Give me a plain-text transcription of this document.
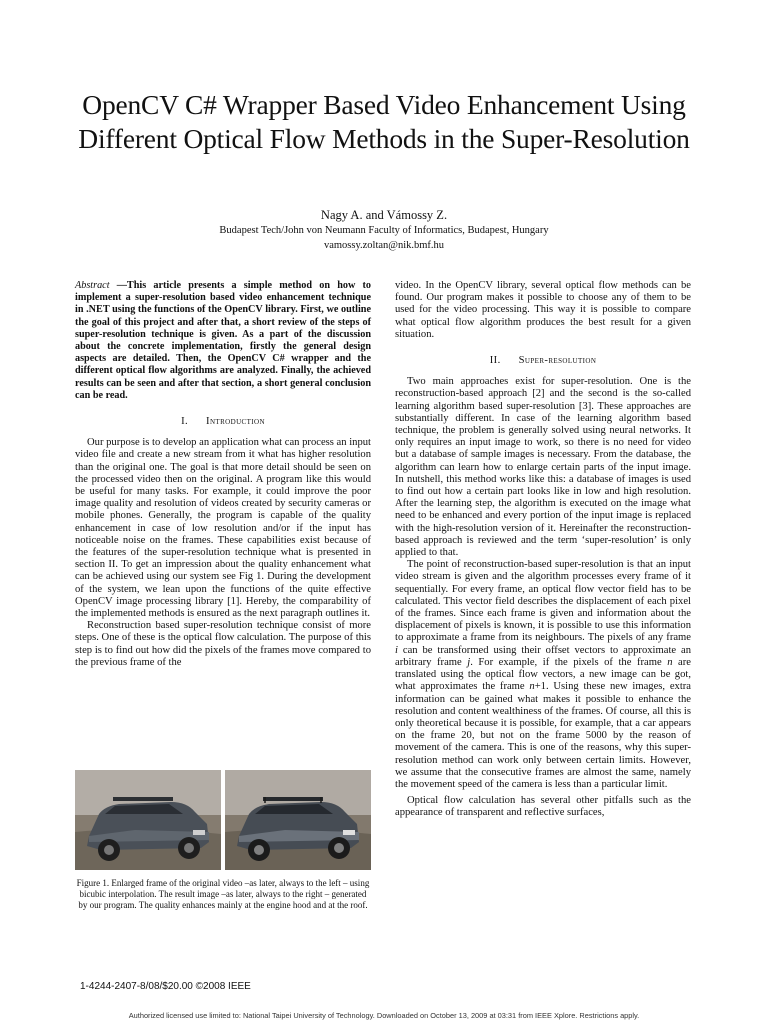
OpenCV C# Wrapper Based Video Enhancement Using Different Optical Flow Methods in the Super-Resolution
Nagy A. and Vámossy Z.
Budapest Tech/John von Neumann Faculty of Informatics, Budapest, Hungary
vamossy.zoltan@nik.bmf.hu

Abstract —This article presents a simple method on how to implement a super-resolution based video enhancement technique in .NET using the functions of the OpenCV library. First, we outline the goal of this project and after that, a short review of the steps of super-resolution technique is given. As a part of the discussion about the concrete implementation, firstly the general design aspects are detailed. Then, the OpenCV C# wrapper and the different optical flow algorithms are analyzed. Finally, the achieved results can be seen and after that section, a short general conclusion can be read.

I. Introduction

Our purpose is to develop an application what can process an input video file and create a new stream from it what has higher resolution than the original one. The goal is that more detail should be seen on the processed video then on the original. A program like this would be useful for many tasks. For example, it could improve the poor image quality and resolution of videos created by security cameras or mobile phones. Generally, the program is capable of the quality enhancement in case of low resolution and/or if the input has noticeable noise on the frames. These capabilities exist because of the features of the super-resolution technique what is presented in section II. To get an impression about the quality enhancement what can be achieved using our system see Fig 1. During the development of the system, we lean upon the functions of the quite effective OpenCV image processing library [1]. Hereby, the comparability of the implemented methods is ensured as the next paragraph outlines it.

Reconstruction based super-resolution technique consist of more steps. One of these is the optical flow calculation. The purpose of this step is to find out how did the pixels of the frames move compared to the previous frame of the

Figure 1. Enlarged frame of the original video –as later, always to the left – using bicubic interpolation. The result image –as later, always to the right – generated by our program. The quality enhances mainly at the engine hood and at the roof.

video. In the OpenCV library, several optical flow methods can be found. Our program makes it possible to choose any of them to be used for the video processing. This way it is possible to compare what optical flow algorithm produces the best result for a given situation.

II. Super-resolution

Two main approaches exist for super-resolution. One is the reconstruction-based approach [2] and the second is the so-called learning algorithm based super-resolution [3]. These approaches are substantially different. In case of the learning algorithm based technique, the problem is generally solved using neural networks. It only requires an input image to work, so there is no need for video but a database of sample images is necessary. From the database, the algorithm can learn how to enlarge certain parts of the input image. In nutshell, this method works like this: a database of images is used to find out how a certain part looks like in low and high resolution. After the learning step, the algorithm is executed on the image what need to be enhanced and every portion of the input image is replaced with the high-resolution version of it. Hereinafter the reconstruction-based approach is reviewed and the term ‘super-resolution’ is only applied to that.

The point of reconstruction-based super-resolution is that an input video stream is given and the algorithm processes every frame of it sequentially. For every frame, an optical flow vector field has to be calculated. This vector field describes the displacement of each pixel of the frames. Since each frame is given and information about the displacement of pixels is known, it is possible to use this information to approximate a frame from its neighbours. The pixels of any frame i can be transformed using their offset vectors to approximate an arbitrary frame j. For example, if the pixels of the frame n are translated using the optical flow vectors, a new image can be got, what approximates the frame n+1. Using these new images, extra information can be gained what makes it possible to enhance the resolution and content wealthiness of the frames. Of course, all this is only theoretical because it is possible, for example, that a car appears on the frame 20, but not on the frame 5000 by the reason of movement of the camera. This is one of the reasons, why this super-resolution method can work only between certain limits. However, we assume that the consecutive frames are almost the same, namely the movement speed of the camera is less than a particular limit.

Optical flow calculation has several other pitfalls such as the appearance of transparent and reflective surfaces,

1-4244-2407-8/08/$20.00 ©2008 IEEE
Authorized licensed use limited to: National Taipei University of Technology. Downloaded on October 13, 2009 at 03:31 from IEEE Xplore. Restrictions apply.
